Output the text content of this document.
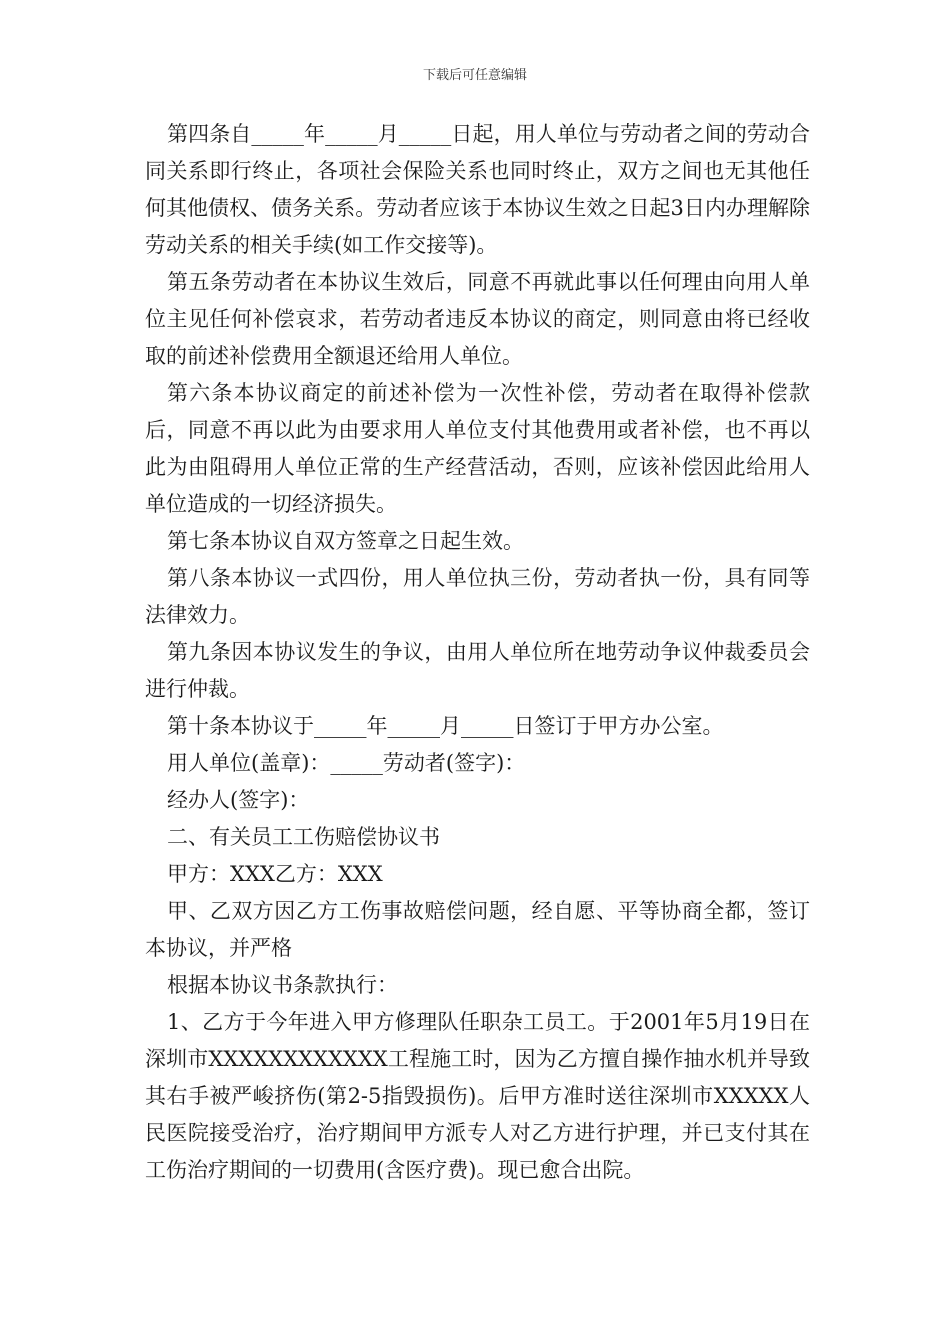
下载后可任意编辑

第四条自_____年_____月_____日起，用人单位与劳动者之间的劳动合同关系即行终止，各项社会保险关系也同时终止，双方之间也无其他任何其他债权、债务关系。劳动者应该于本协议生效之日起3日内办理解除劳动关系的相关手续(如工作交接等)。

第五条劳动者在本协议生效后，同意不再就此事以任何理由向用人单位主见任何补偿哀求，若劳动者违反本协议的商定，则同意由将已经收取的前述补偿费用全额退还给用人单位。

第六条本协议商定的前述补偿为一次性补偿，劳动者在取得补偿款后，同意不再以此为由要求用人单位支付其他费用或者补偿，也不再以此为由阻碍用人单位正常的生产经营活动，否则，应该补偿因此给用人单位造成的一切经济损失。

第七条本协议自双方签章之日起生效。

第八条本协议一式四份，用人单位执三份，劳动者执一份，具有同等法律效力。

第九条因本协议发生的争议，由用人单位所在地劳动争议仲裁委员会进行仲裁。

第十条本协议于_____年_____月_____日签订于甲方办公室。

用人单位(盖章)：_____劳动者(签字)：

经办人(签字)：

二、有关员工工伤赔偿协议书

甲方：XXX乙方：XXX

甲、乙双方因乙方工伤事故赔偿问题，经自愿、平等协商全都，签订本协议，并严格

根据本协议书条款执行：

1、乙方于今年进入甲方修理队任职杂工员工。于2001年5月19日在深圳市XXXXXXXXXXXX工程施工时，因为乙方擅自操作抽水机并导致其右手被严峻挤伤(第2-5指毁损伤)。后甲方准时送往深圳市XXXXX人民医院接受治疗，治疗期间甲方派专人对乙方进行护理，并已支付其在工伤治疗期间的一切费用(含医疗费)。现已愈合出院。
